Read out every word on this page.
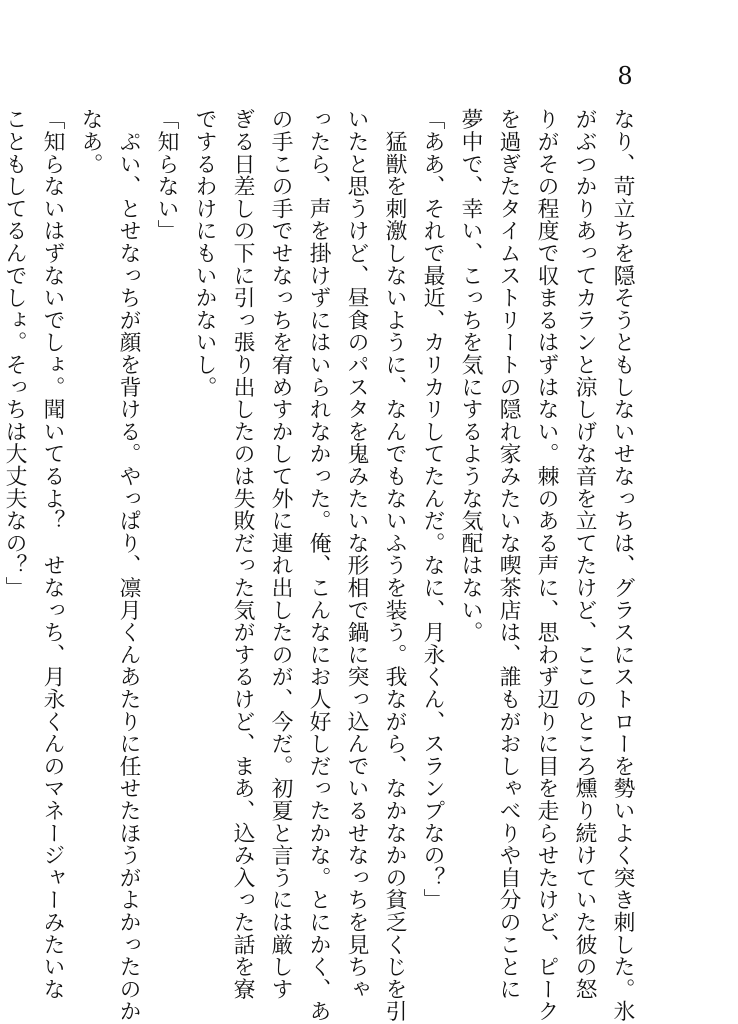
8
なり、苛立ちを隠そうともしないせなっちは、グラスにストローを勢いよく突き刺した。氷
がぶつかりあってカランと涼しげな音を立てたけど、ここのところ燻り続けていた彼の怒
りがその程度で収まるはずはない。棘のある声に、思わず辺りに目を走らせたけど、ピーク
を過ぎたタイムストリートの隠れ家みたいな喫茶店は、誰もがおしゃべりや自分のことに
夢中で、幸い、こっちを気にするような気配はない。
「ああ、それで最近、カリカリしてたんだ。なに、月永くん、スランプなの？」
　猛獣を刺激しないように、なんでもないふうを装う。我ながら、なかなかの貧乏くじを引
いたと思うけど、昼食のパスタを鬼みたいな形相で鍋に突っ込んでいるせなっちを見ちゃ
ったら、声を掛けずにはいられなかった。俺、こんなにお人好しだったかな。とにかく、あ
の手この手でせなっちを宥めすかして外に連れ出したのが、今だ。初夏と言うには厳しす
ぎる日差しの下に引っ張り出したのは失敗だった気がするけど、まあ、込み入った話を寮
でするわけにもいかないし。
「知らない」
　ぷい、とせなっちが顔を背ける。やっぱり、凛月くんあたりに任せたほうがよかったのか
なあ。
「知らないはずないでしょ。聞いてるよ？　せなっち、月永くんのマネージャーみたいな
こともしてるんでしょ。そっちは大丈夫なの？」
